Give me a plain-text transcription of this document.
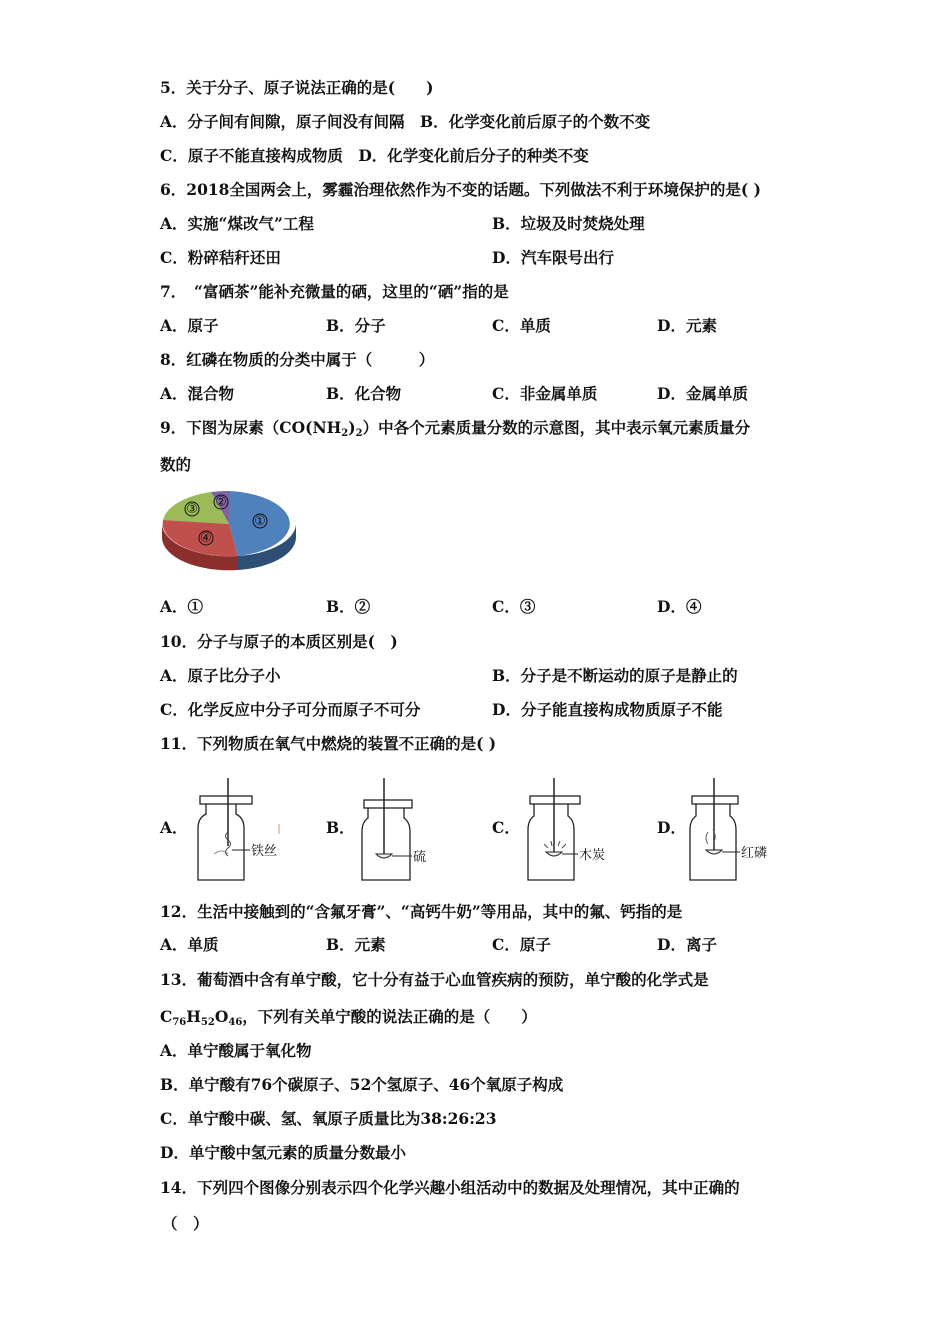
5．关于分子、原子说法正确的是(　　)
A．分子间有间隙，原子间没有间隔　B．化学变化前后原子的个数不变
C．原子不能直接构成物质　D．化学变化前后分子的种类不变
6．2018全国两会上，雾霾治理依然作为不变的话题。下列做法不利于环境保护的是( )
A．实施“煤改气”工程	B．垃圾及时焚烧处理
C．粉碎秸秆还田	D．汽车限号出行
7．　“富硒茶”能补充微量的硒，这里的“硒”指的是
A．原子	B．分子	C．单质	D．元素
8．红磷在物质的分类中属于（　　　）
A．混合物	B．化合物	C．非金属单质	D．金属单质
9．下图为尿素$(CO(NH_2)_2)$中各个元素质量分数的示意图，其中表示氧元素质量分
数的
①
②
③
④
A．①	B．②	C．③	D．④
10．分子与原子的本质区别是(　)
A．原子比分子小	B．分子是不断运动的原子是静止的
C．化学反应中分子可分而原子不可分	D．分子能直接构成物质原子不能
11．下列物质在氧气中燃烧的装置不正确的是( )
A．
铁丝
B．
硫
C．
木炭
D．
红磷
12．生活中接触到的“含氟牙膏”、“高钙牛奶”等用品，其中的氟、钙指的是
A．单质	B．元素	C．原子	D．离子
13．葡萄酒中含有单宁酸，它十分有益于心血管疾病的预防，单宁酸的化学式是
$C_{76}H_{52}O_{46}$，下列有关单宁酸的说法正确的是（　　）
A．单宁酸属于氧化物
B．单宁酸有76个碳原子、52个氢原子、46个氧原子构成
C．单宁酸中碳、氢、氧原子质量比为38:26:23
D．单宁酸中氢元素的质量分数最小
14．下列四个图像分别表示四个化学兴趣小组活动中的数据及处理情况，其中正确的
（　）
